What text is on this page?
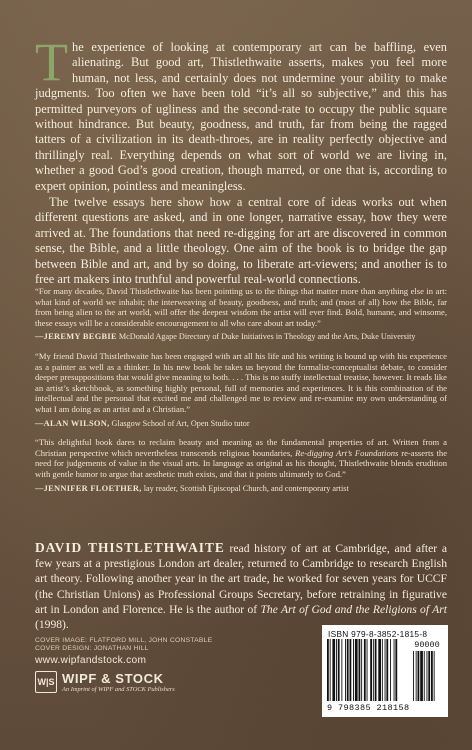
The experience of looking at contemporary art can be baffling, even alienating. But good art, Thistlethwaite asserts, makes you feel more human, not less, and certainly does not undermine your ability to make judgments. Too often we have been told “it’s all so subjective,” and this has permitted purveyors of ugliness and the second-rate to occupy the public square without hindrance. But beauty, goodness, and truth, far from being the ragged tatters of a civilization in its death-throes, are in reality perfectly objective and thrillingly real. Everything depends on what sort of world we are living in, whether a good God’s good creation, though marred, or one that is, according to expert opinion, pointless and meaningless.

The twelve essays here show how a central core of ideas works out when different questions are asked, and in one longer, narrative essay, how they were arrived at. The foundations that need re-digging for art are discovered in common sense, the Bible, and a little theology. One aim of the book is to bridge the gap between Bible and art, and by so doing, to liberate art-viewers; and another is to free art makers into truthful and powerful real-world connections.

“For many decades, David Thistlethwaite has been pointing us to the things that matter more than anything else in art: what kind of world we inhabit; the interweaving of beauty, goodness, and truth; and (most of all) how the Bible, far from being alien to the art world, will offer the deepest wisdom the artist will ever find. Bold, humane, and winsome, these essays will be a considerable encouragement to all who care about art today.”
—JEREMY BEGBIE McDonald Agape Directory of Duke Initiatives in Theology and the Arts, Duke University
“My friend David Thistlethwaite has been engaged with art all his life and his writing is bound up with his experience as a painter as well as a thinker. In his new book he takes us beyond the formalist-conceptualist debate, to consider deeper presuppositions that would give meaning to both. . . . This is no stuffy intellectual treatise, however. It reads like an artist’s sketchbook, as something highly personal, full of memories and experiences. It is this combination of the intellectual and the personal that excited me and challenged me to review and re-examine my own understanding of what I am doing as an artist and a Christian.”
—ALAN WILSON, Glasgow School of Art, Open Studio tutor
“This delightful book dares to reclaim beauty and meaning as the fundamental properties of art. Written from a Christian perspective which nevertheless transcends religious boundaries, Re-digging Art’s Foundations re-asserts the need for judgements of value in the visual arts. In language as original as his thought, Thistlethwaite blends erudition with gentle humor to argue that aesthetic truth exists, and that it points ultimately to God.”
—JENNIFER FLOETHER, lay reader, Scottish Episcopal Church, and contemporary artist
DAVID THISTLETHWAITE read history of art at Cambridge, and after a few years at a prestigious London art dealer, returned to Cambridge to research English art theory. Following another year in the art trade, he worked for seven years for UCCF (the Christian Unions) as Professional Groups Secretary, before retraining in figurative art in London and Florence. He is the author of The Art of God and the Religions of Art (1998).
COVER IMAGE: FLATFORD MILL, JOHN CONSTABLE
COVER DESIGN: JONATHAN HILL
www.wipfandstock.com
W|S WIPF & STOCK
An Imprint of WIPF and STOCK Publishers
ISBN 979-8-3852-1815-8
90000
9 798385 218158
